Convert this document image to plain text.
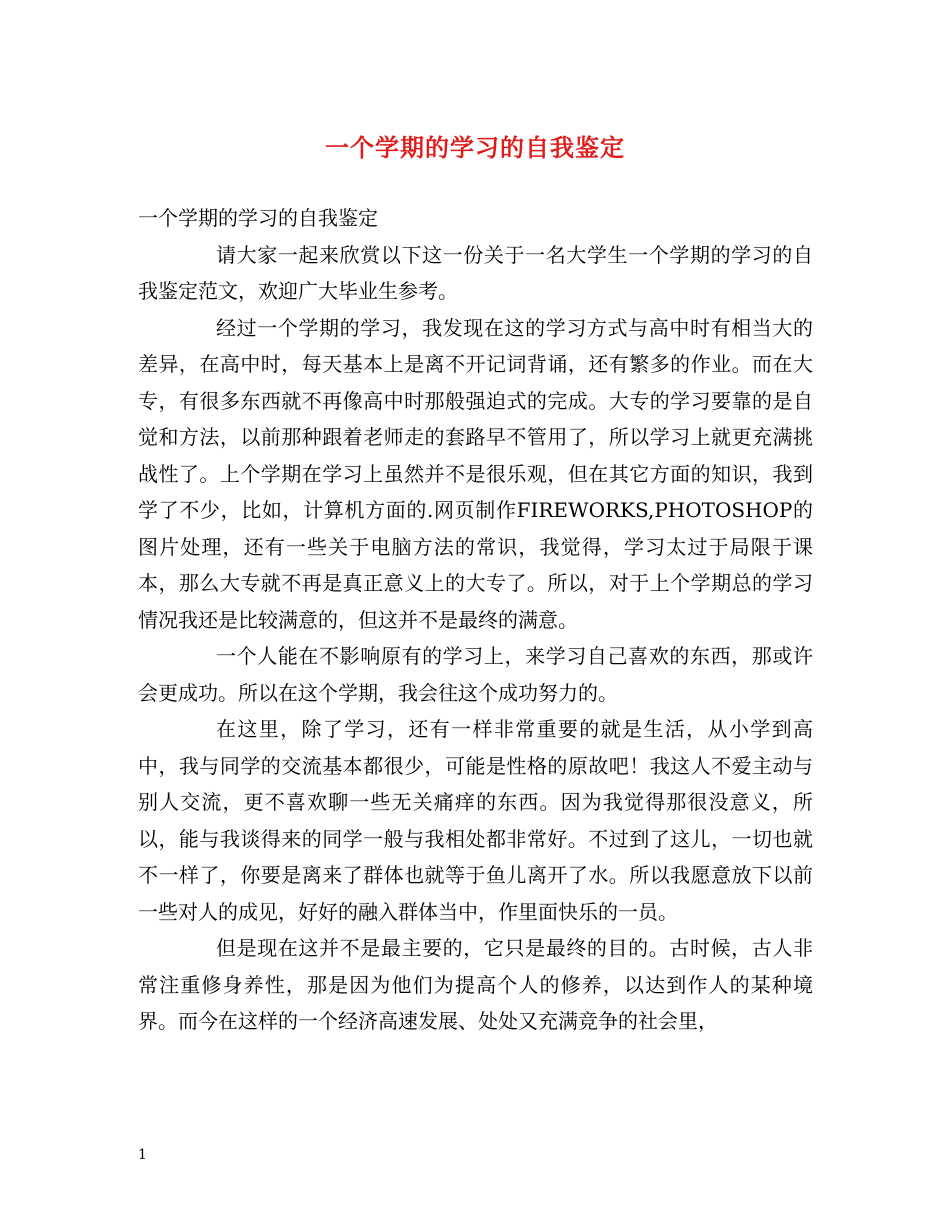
一个学期的学习的自我鉴定

一个学期的学习的自我鉴定

请大家一起来欣赏以下这一份关于一名大学生一个学期的学习的自我鉴定范文，欢迎广大毕业生参考。

经过一个学期的学习，我发现在这的学习方式与高中时有相当大的差异，在高中时，每天基本上是离不开记词背诵，还有繁多的作业。而在大专，有很多东西就不再像高中时那般强迫式的完成。大专的学习要靠的是自觉和方法，以前那种跟着老师走的套路早不管用了，所以学习上就更充满挑战性了。上个学期在学习上虽然并不是很乐观，但在其它方面的知识，我到学了不少，比如，计算机方面的.网页制作FIREWORKS,PHOTOSHOP的图片处理，还有一些关于电脑方法的常识，我觉得，学习太过于局限于课本，那么大专就不再是真正意义上的大专了。所以，对于上个学期总的学习情况我还是比较满意的，但这并不是最终的满意。

一个人能在不影响原有的学习上，来学习自己喜欢的东西，那或许会更成功。所以在这个学期，我会往这个成功努力的。

在这里，除了学习，还有一样非常重要的就是生活，从小学到高中，我与同学的交流基本都很少，可能是性格的原故吧！我这人不爱主动与别人交流，更不喜欢聊一些无关痛痒的东西。因为我觉得那很没意义，所以，能与我谈得来的同学一般与我相处都非常好。不过到了这儿，一切也就不一样了，你要是离来了群体也就等于鱼儿离开了水。所以我愿意放下以前一些对人的成见，好好的融入群体当中，作里面快乐的一员。

但是现在这并不是最主要的，它只是最终的目的。古时候，古人非常注重修身养性，那是因为他们为提高个人的修养，以达到作人的某种境界。而今在这样的一个经济高速发展、处处又充满竞争的社会里，

1
